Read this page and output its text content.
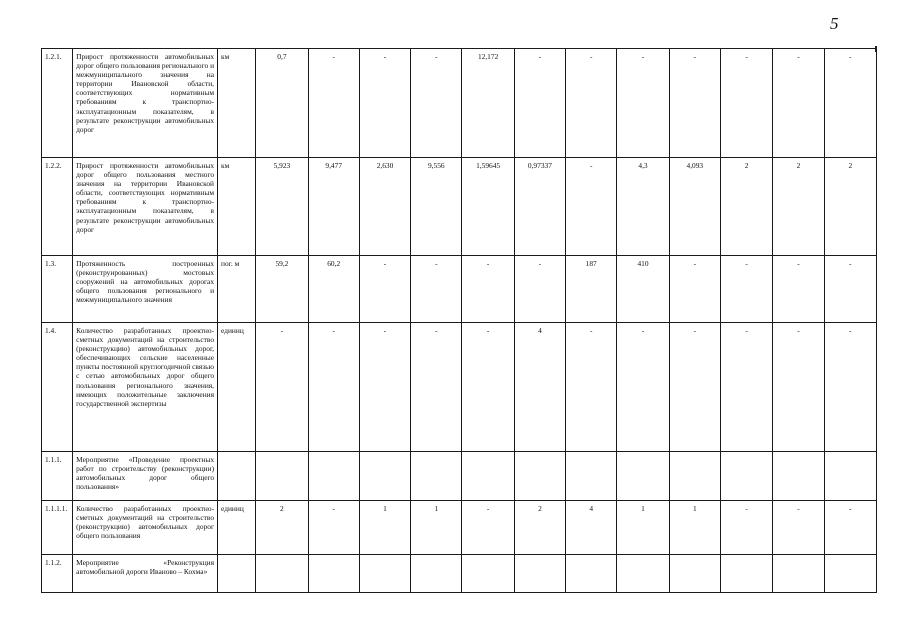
5
1.2.1.	Прирост протяженности автомобильных дорог общего пользования регионального и межмуниципального значения на территории Ивановской области, соответствующих нормативным требованиям к транспортно-эксплуатационным показателям, в результате реконструкции автомобильных дорог	км	0,7	-	-	-	12,172	-	-	-	-	-	-	-
1.2.2.	Прирост протяженности автомобильных дорог общего пользования местного значения на территории Ивановской области, соответствующих нормативным требованиям к транспортно-эксплуатационным показателям, в результате реконструкции автомобильных дорог	км	5,923	9,477	2,630	9,556	1,59645	0,97337	-	4,3	4,093	2	2	2
1.3.	Протяженность построенных (реконструированных) мостовых сооружений на автомобильных дорогах общего пользования регионального и межмуниципального значения	пог. м	59,2	60,2	-	-	-	-	187	410	-	-	-	-
1.4.	Количество разработанных проектно-сметных документаций на строительство (реконструкцию) автомобильных дорог, обеспечивающих сельские населенные пункты постоянной круглогодичной связью с сетью автомобильных дорог общего пользования регионального значения, имеющих положительные заключения государственной экспертизы	единиц	-	-	-	-	-	4	-	-	-	-	-	-
1.1.1.	Мероприятие «Проведение проектных работ по строительству (реконструкции) автомобильных дорог общего пользования»													
1.1.1.1.	Количество разработанных проектно-сметных документаций на строительство (реконструкцию) автомобильных дорог общего пользования	единиц	2	-	1	1	-	2	4	1	1	-	-	-
1.1.2.	Мероприятие «Реконструкция автомобильной дороги Иваново – Кохма»													
